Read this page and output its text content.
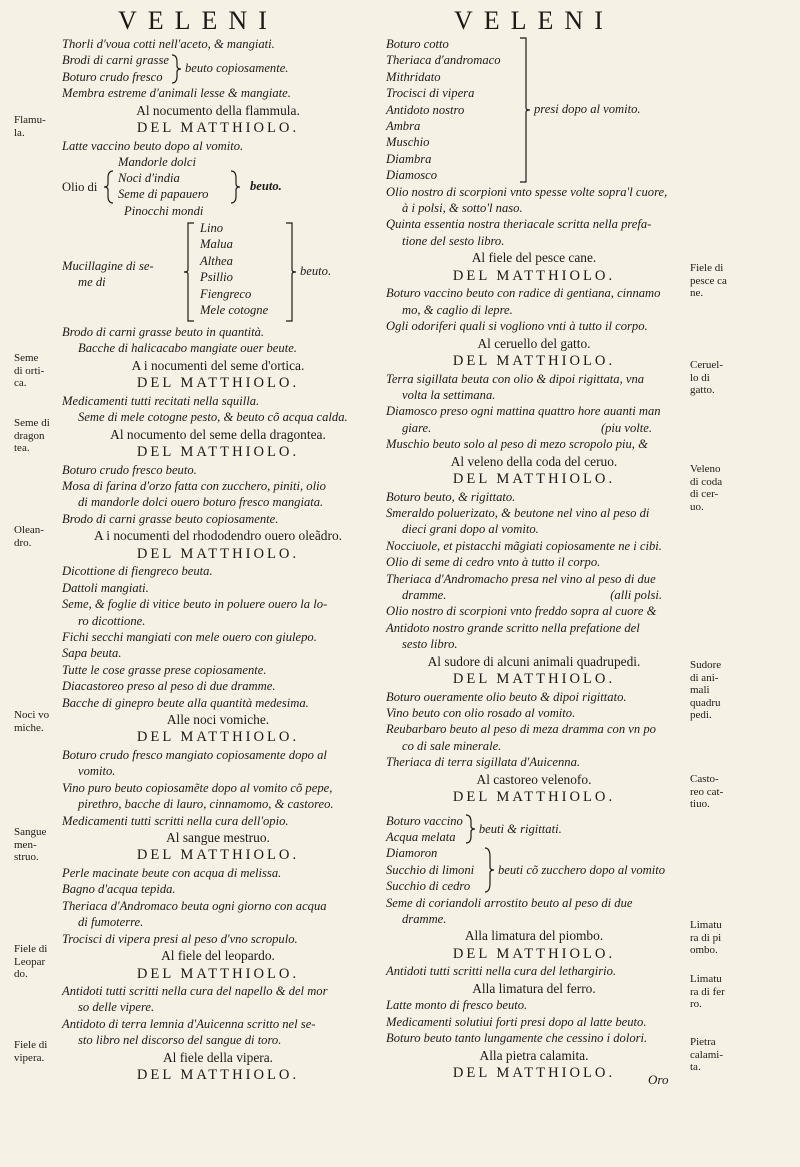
VELENI	VELENI
Thorli d'voua cotti nell'aceto, & mangiati.
Brodi di carni grasse
Boturo crudo fresco
beuto copiosamente.
Membra estreme d'animali lesse & mangiate.
Al nocumento della flammula.
DEL MATTHIOLO.
Latte vaccino beuto dopo al vomito.
Mandorle dolci
Olio di
Noci d'india
Seme di papauero
beuto.
Pinocchi mondi
Mucillagine di se-
me di
Lino
Malua
Althea
Psillio
Fiengreco
Mele cotogne
beuto.
Brodo di carni grasse beuto in quantità.
Bacche di halicacabo mangiate ouer beute.
A i nocumenti del seme d'ortica.
DEL MATTHIOLO.
Medicamenti tutti recitati nella squilla.
Seme di mele cotogne pesto, & beuto cõ acqua calda.
Al nocumento del seme della dragontea.
DEL MATTHIOLO.
Boturo crudo fresco beuto.
Mosa di farina d'orzo fatta con zucchero, piniti, olio
di mandorle dolci ouero boturo fresco mangiata.
Brodo di carni grasse beuto copiosamente.
A i nocumenti del rhododendro ouero oleãdro.
DEL MATTHIOLO.
Dicottione di fiengreco beuta.
Dattoli mangiati.
Seme, & foglie di vitice beuto in poluere ouero la lo-
ro dicottione.
Fichi secchi mangiati con mele ouero con giulepo.
Sapa beuta.
Tutte le cose grasse prese copiosamente.
Diacastoreo preso al peso di due dramme.
Bacche di ginepro beute alla quantità medesima.
Alle noci vomiche.
DEL MATTHIOLO.
Boturo crudo fresco mangiato copiosamente dopo al
vomito.
Vino puro beuto copiosamẽte dopo al vomito cõ pepe,
pirethro, bacche di lauro, cinnamomo, & castoreo.
Medicamenti tutti scritti nella cura dell'opio.
Al sangue mestruo.
DEL MATTHIOLO.
Perle macinate beute con acqua di melissa.
Bagno d'acqua tepida.
Theriaca d'Andromaco beuta ogni giorno con acqua
di fumoterre.
Trocisci di vipera presi al peso d'vno scropulo.
Al fiele del leopardo.
DEL MATTHIOLO.
Antidoti tutti scritti nella cura del napello & del mor
so delle vipere.
Antidoto di terra lemnia d'Auicenna scritto nel se-
sto libro nel discorso del sangue di toro.
Al fiele della vipera.
DEL MATTHIOLO.
Boturo cotto
Theriaca d'andromaco
Mithridato
Trocisci di vipera
Antidoto nostro
Ambra
Muschio
Diambra
Diamosco
presi dopo al vomito.
Olio nostro di scorpioni vnto spesse volte sopra'l cuore,
à i polsi, & sotto'l naso.
Quinta essentia nostra theriacale scritta nella prefa-
tione del sesto libro.
Al fiele del pesce cane.
DEL MATTHIOLO.
Boturo vaccino beuto con radice di gentiana, cinnamo
mo, & caglio di lepre.
Ogli odoriferi quali si vogliono vnti à tutto il corpo.
Al ceruello del gatto.
DEL MATTHIOLO.
Terra sigillata beuta con olio & dipoi rigittata, vna
volta la settimana.
Diamosco preso ogni mattina quattro hore auanti man
giare.	(piu volte.
Muschio beuto solo al peso di mezo scropolo piu, &
Al veleno della coda del ceruo.
DEL MATTHIOLO.
Boturo beuto, & rigittato.
Smeraldo poluerizato, & beutone nel vino al peso di
dieci grani dopo al vomito.
Nocciuole, et pistacchi mãgiati copiosamente ne i cibi.
Olio di seme di cedro vnto à tutto il corpo.
Theriaca d'Andromacho presa nel vino al peso di due
dramme.	(alli polsi.
Olio nostro di scorpioni vnto freddo sopra al cuore &
Antidoto nostro grande scritto nella prefatione del
sesto libro.
Al sudore di alcuni animali quadrupedi.
DEL MATTHIOLO.
Boturo oueramente olio beuto & dipoi rigittato.
Vino beuto con olio rosado al vomito.
Reubarbaro beuto al peso di meza dramma con vn po
co di sale minerale.
Theriaca di terra sigillata d'Auicenna.
Al castoreo velenofo.
DEL MATTHIOLO.
Boturo vaccino
Acqua melata
beuti & rigittati.
Diamoron
Succhio di limoni
Succhio di cedro
beuti cõ zucchero dopo al vomito
Seme di coriandoli arrostito beuto al peso di due
dramme.
Alla limatura del piombo.
DEL MATTHIOLO.
Antidoti tutti scritti nella cura del lethargirio.
Alla limatura del ferro.
Latte monto di fresco beuto.
Medicamenti solutiui forti presi dopo al latte beuto.
Boturo beuto tanto lungamente che cessino i dolori.
Alla pietra calamita.
DEL MATTHIOLO.	Oro
Flamu-
la.
Seme
di orti-
ca.
Seme di
dragon
tea.
Olean-
dro.
Noci vo
miche.
Sangue
men-
struo.
Fiele di
Leopar
do.
Fiele di
vipera.
Fiele di
pesce ca
ne.
Ceruel-
lo di
gatto.
Veleno
di coda
di cer-
uo.
Sudore
di ani-
mali
quadru
pedi.
Casto-
reo cat-
tiuo.
Limatu
ra di pi
ombo.
Limatu
ra di fer
ro.
Pietra
calami-
ta.
